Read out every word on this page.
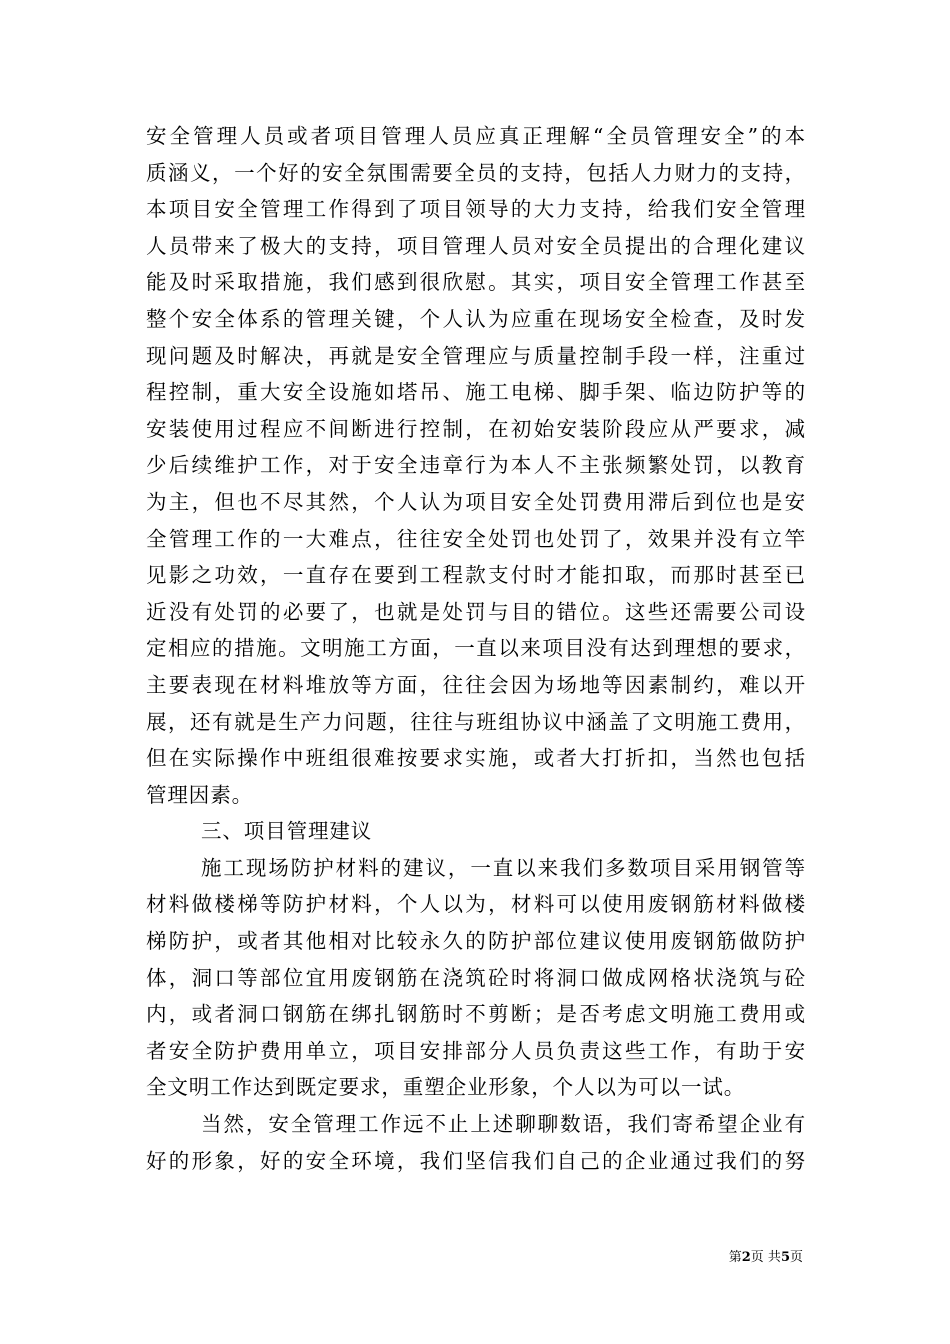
安全管理人员或者项目管理人员应真正理解“全员管理安全”的本
质涵义，一个好的安全氛围需要全员的支持，包括人力财力的支持，
本项目安全管理工作得到了项目领导的大力支持，给我们安全管理
人员带来了极大的支持，项目管理人员对安全员提出的合理化建议
能及时采取措施，我们感到很欣慰。其实，项目安全管理工作甚至
整个安全体系的管理关键，个人认为应重在现场安全检查，及时发
现问题及时解决，再就是安全管理应与质量控制手段一样，注重过
程控制，重大安全设施如塔吊、施工电梯、脚手架、临边防护等的
安装使用过程应不间断进行控制，在初始安装阶段应从严要求，减
少后续维护工作，对于安全违章行为本人不主张频繁处罚，以教育
为主，但也不尽其然，个人认为项目安全处罚费用滞后到位也是安
全管理工作的一大难点，往往安全处罚也处罚了，效果并没有立竿
见影之功效，一直存在要到工程款支付时才能扣取，而那时甚至已
近没有处罚的必要了，也就是处罚与目的错位。这些还需要公司设
定相应的措施。文明施工方面，一直以来项目没有达到理想的要求，
主要表现在材料堆放等方面，往往会因为场地等因素制约，难以开
展，还有就是生产力问题，往往与班组协议中涵盖了文明施工费用，
但在实际操作中班组很难按要求实施，或者大打折扣，当然也包括
管理因素。
三、项目管理建议
施工现场防护材料的建议，一直以来我们多数项目采用钢管等
材料做楼梯等防护材料，个人以为，材料可以使用废钢筋材料做楼
梯防护，或者其他相对比较永久的防护部位建议使用废钢筋做防护
体，洞口等部位宜用废钢筋在浇筑砼时将洞口做成网格状浇筑与砼
内，或者洞口钢筋在绑扎钢筋时不剪断；是否考虑文明施工费用或
者安全防护费用单立，项目安排部分人员负责这些工作，有助于安
全文明工作达到既定要求，重塑企业形象，个人以为可以一试。
当然，安全管理工作远不止上述聊聊数语，我们寄希望企业有
好的形象，好的安全环境，我们坚信我们自己的企业通过我们的努
第2页 共5页
